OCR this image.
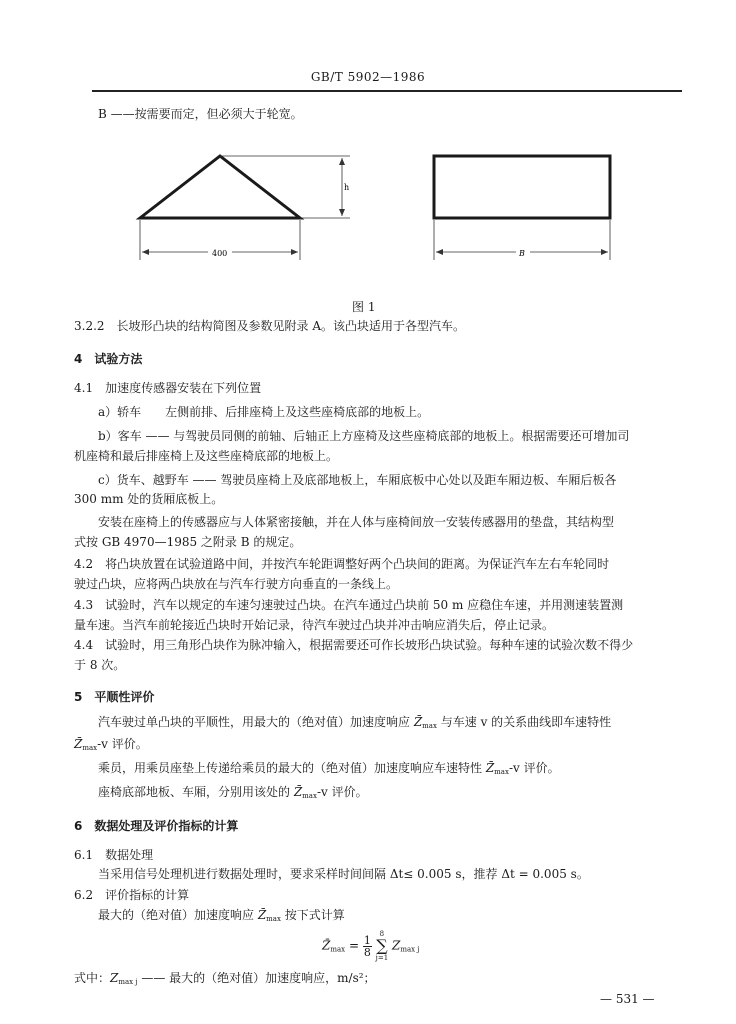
GB/T 5902—1986
B ——按需要而定，但必须大于轮宽。
h
400	B
图 1
3.2.2　长坡形凸块的结构简图及参数见附录 A。该凸块适用于各型汽车。
4　试验方法
4.1　加速度传感器安装在下列位置
a）轿车　　左侧前排、后排座椅上及这些座椅底部的地板上。
b）客车 —— 与驾驶员同侧的前轴、后轴正上方座椅及这些座椅底部的地板上。根据需要还可增加司
机座椅和最后排座椅上及这些座椅底部的地板上。
c）货车、越野车 —— 驾驶员座椅上及底部地板上，车厢底板中心处以及距车厢边板、车厢后板各
300 mm 处的货厢底板上。
安装在座椅上的传感器应与人体紧密接触，并在人体与座椅间放一安装传感器用的垫盘，其结构型
式按 GB 4970—1985 之附录 B 的规定。
4.2　将凸块放置在试验道路中间，并按汽车轮距调整好两个凸块间的距离。为保证汽车左右车轮同时
驶过凸块，应将两凸块放在与汽车行驶方向垂直的一条线上。
4.3　试验时，汽车以规定的车速匀速驶过凸块。在汽车通过凸块前 50 m 应稳住车速，并用测速装置测
量车速。当汽车前轮接近凸块时开始记录，待汽车驶过凸块并冲击响应消失后，停止记录。
4.4　试验时，用三角形凸块作为脉冲输入，根据需要还可作长坡形凸块试验。每种车速的试验次数不得少
于 8 次。
5　平顺性评价
汽车驶过单凸块的平顺性，用最大的（绝对值）加速度响应 $Z̄_{max}$ 与车速 v 的关系曲线即车速特性
$Z̄_{max}-v$ 评价。
乘员，用乘员座垫上传递给乘员的最大的（绝对值）加速度响应车速特性 $Z̄_{max}-v$ 评价。
座椅底部地板、车厢，分别用该处的 $Z̄_{max}-v$ 评价。
6　数据处理及评价指标的计算
6.1　数据处理
当采用信号处理机进行数据处理时，要求采样时间间隔 Δt≤ 0.005 s，推荐 Δt = 0.005 s。
6.2　评价指标的计算
最大的（绝对值）加速度响应 $Z̄_{max}$ 按下式计算
$Z̄_{max} = \frac{1}{8} 8$
∑
j=1 $Z_{max j}$
式中：$Z_{max j}$ —— 最大的（绝对值）加速度响应，m/s²；
— 531 —
